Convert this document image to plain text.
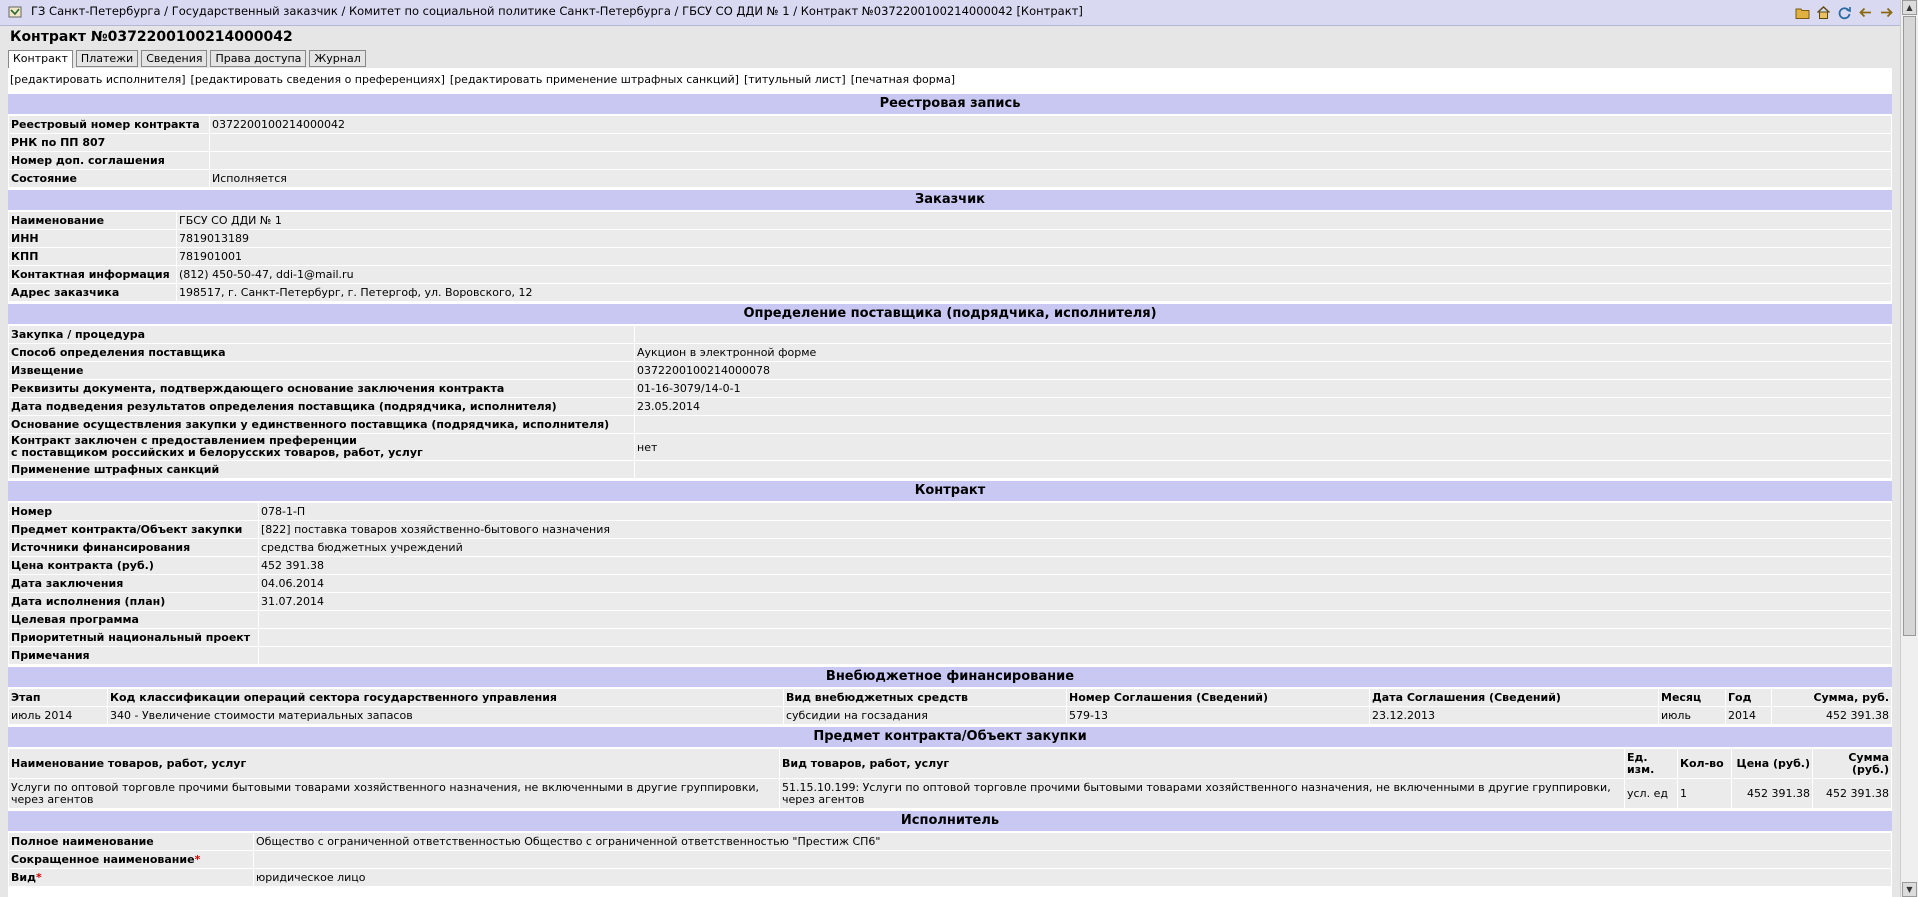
ГЗ Санкт-Петербурга / Государственный заказчик / Комитет по социальной политике Санкт-Петербурга / ГБСУ СО ДДИ № 1 / Контракт №0372200100214000042 [Контракт]
Контракт №0372200100214000042
Контракт	Платежи	Сведения	Права доступа	Журнал
[редактировать исполнителя] [редактировать сведения о преференциях] [редактировать применение штрафных санкций] [титульный лист] [печатная форма]
Реестровая запись
Реестровый номер контракта	0372200100214000042
РНК по ПП 807	
Номер доп. соглашения	
Состояние	Исполняется
Заказчик
Наименование	ГБСУ СО ДДИ № 1
ИНН	7819013189
КПП	781901001
Контактная информация	(812) 450-50-47, ddi-1@mail.ru
Адрес заказчика	198517, г. Санкт-Петербург, г. Петергоф, ул. Воровского, 12
Определение поставщика (подрядчика, исполнителя)
Закупка / процедура	
Способ определения поставщика	Аукцион в электронной форме
Извещение	0372200100214000078
Реквизиты документа, подтверждающего основание заключения контракта	01-16-3079/14-0-1
Дата подведения результатов определения поставщика (подрядчика, исполнителя)	23.05.2014
Основание осуществления закупки у единственного поставщика (подрядчика, исполнителя)	
Контракт заключен с предоставлением преференции
с поставщиком российских и белорусских товаров, работ, услуг	нет
Применение штрафных санкций	
Контракт
Номер	078-1-П
Предмет контракта/Объект закупки	[822] поставка товаров хозяйственно-бытового назначения
Источники финансирования	средства бюджетных учреждений
Цена контракта (руб.)	452 391.38
Дата заключения	04.06.2014
Дата исполнения (план)	31.07.2014
Целевая программа	
Приоритетный национальный проект	
Примечания	
Внебюджетное финансирование
Этап	Код классификации операций сектора государственного управления	Вид внебюджетных средств	Номер Соглашения (Сведений)	Дата Соглашения (Сведений)	Месяц	Год	Сумма, руб.
июль 2014	340 - Увеличение стоимости материальных запасов	субсидии на госзадания	579-13	23.12.2013	июль	2014	452 391.38
Предмет контракта/Объект закупки
Наименование товаров, работ, услуг	Вид товаров, работ, услуг	Ед. изм.	Кол-во	Цена (руб.)	Сумма (руб.)
Услуги по оптовой торговле прочими бытовыми товарами хозяйственного назначения, не включенными в другие группировки, через агентов	51.15.10.199: Услуги по оптовой торговле прочими бытовыми товарами хозяйственного назначения, не включенными в другие группировки, через агентов	усл. ед	1	452 391.38	452 391.38
Исполнитель
Полное наименование	Общество с ограниченной ответственностью Общество с ограниченной ответственностью "Престиж СП6"
Сокращенное наименование*	
Вид*	юридическое лицо
▲
▼
